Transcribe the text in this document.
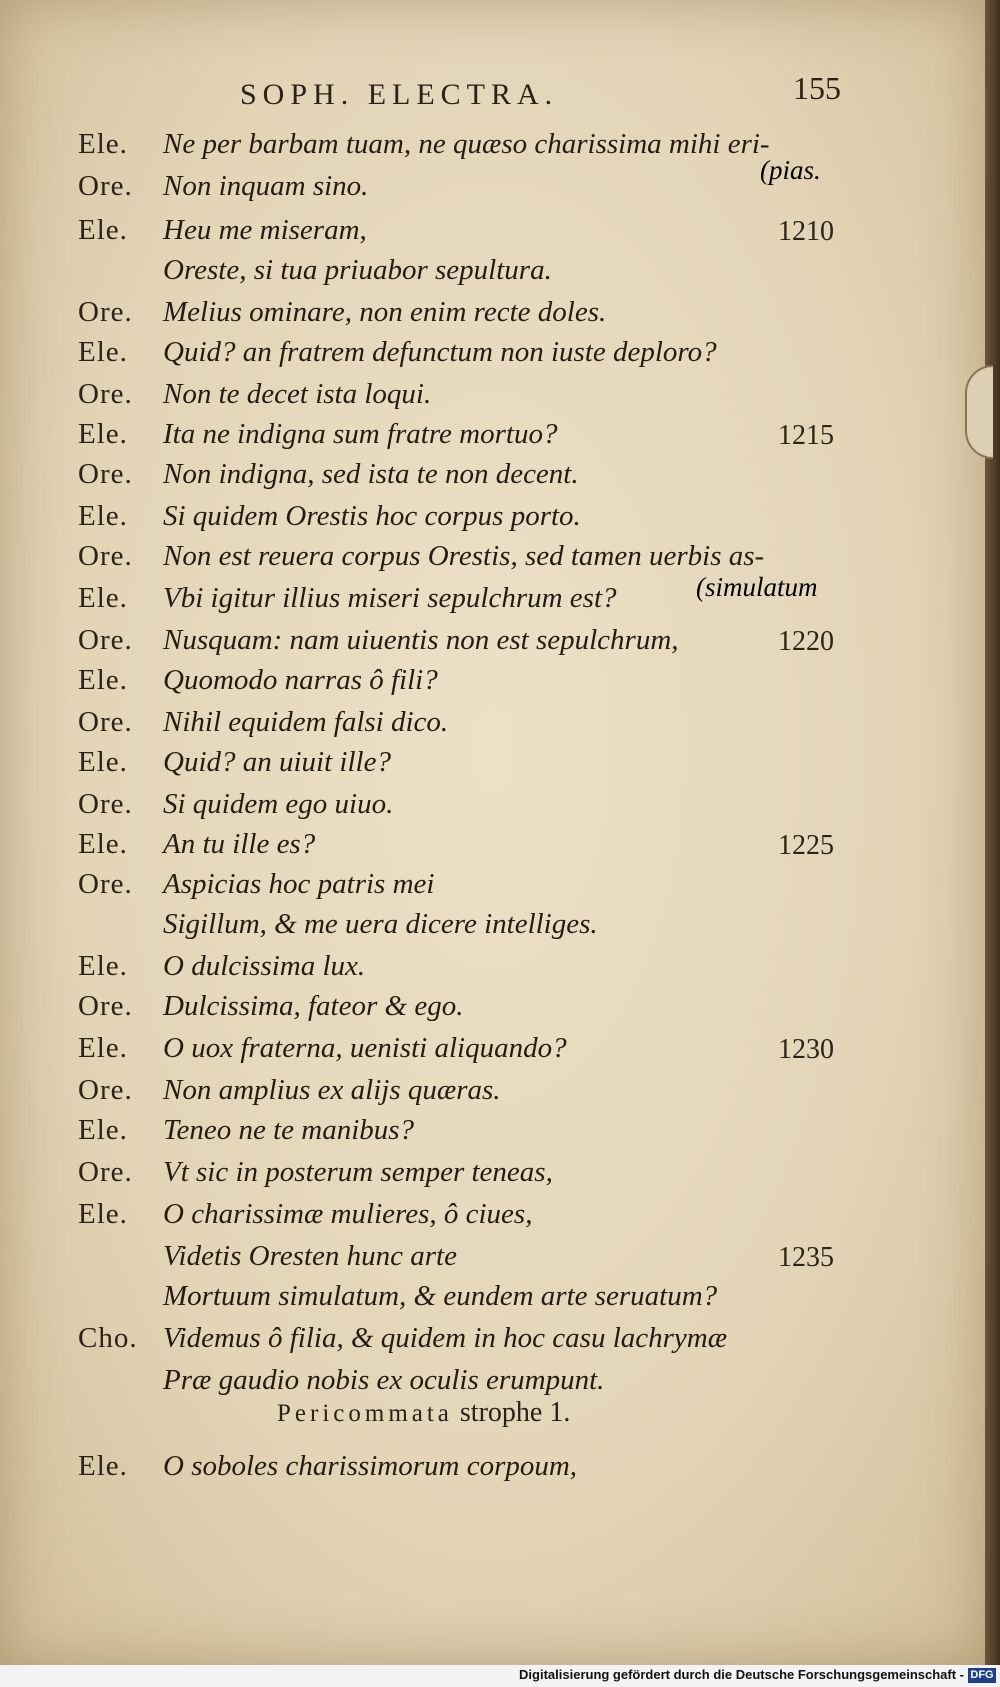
SOPH. ELECTRA.	155
Ele. Ne per barbam tuam, ne quæso charissima mihi eri-
Ore. Non inquam sino.
Ele. Heu me miseram,	1210
Oreste, si tua priuabor sepultura.
Ore. Melius ominare, non enim recte doles.
Ele. Quid? an fratrem defunctum non iuste deploro?
Ore. Non te decet ista loqui.
Ele. Ita ne indigna sum fratre mortuo?	1215
Ore. Non indigna, sed ista te non decent.
Ele. Si quidem Orestis hoc corpus porto.
Ore. Non est reuera corpus Orestis, sed tamen uerbis as-
Ele. Vbi igitur illius miseri sepulchrum est?
Ore. Nusquam: nam uiuentis non est sepulchrum,	1220
Ele. Quomodo narras ô fili?
Ore. Nihil equidem falsi dico.
Ele. Quid? an uiuit ille?
Ore. Si quidem ego uiuo.
Ele. An tu ille es?	1225
Ore. Aspicias hoc patris mei
Sigillum, & me uera dicere intelliges.
Ele. O dulcissima lux.
Ore. Dulcissima, fateor & ego.
Ele. O uox fraterna, uenisti aliquando?	1230
Ore. Non amplius ex alijs quæras.
Ele. Teneo ne te manibus?
Ore. Vt sic in posterum semper teneas,
Ele. O charissimæ mulieres, ô ciues,
Videtis Oresten hunc arte	1235
Mortuum simulatum, & eundem arte seruatum?
Cho. Videmus ô filia, & quidem in hoc casu lachrymæ
Præ gaudio nobis ex oculis erumpunt.
Ele. O soboles charissimorum corpoum,
(pias.
(simulatum
Pericommata strophe 1.
Digitalisierung gefördert durch die Deutsche Forschungsgemeinschaft - DFG
